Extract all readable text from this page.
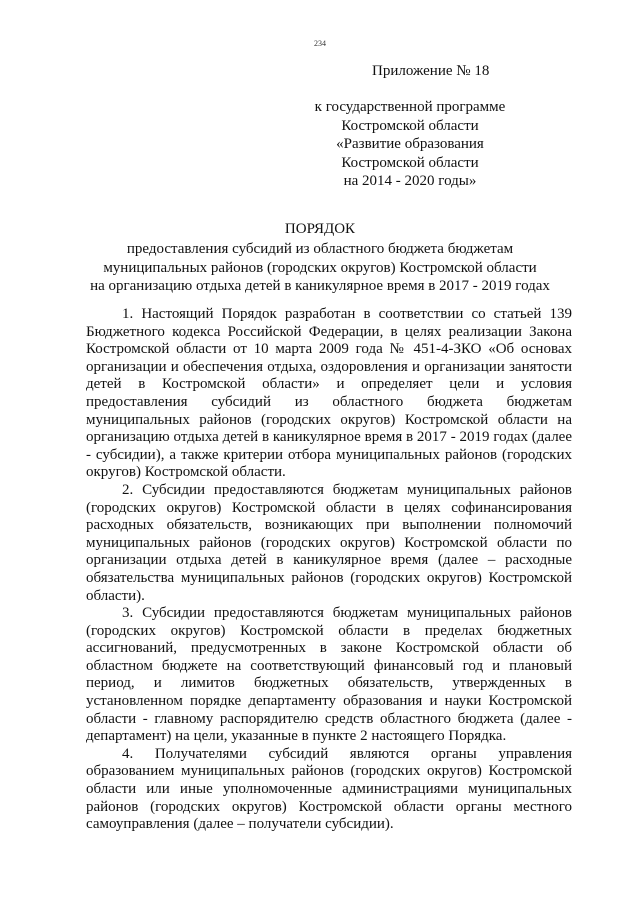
234
Приложение № 18
к государственной программе
Костромской области
«Развитие образования
Костромской области
на 2014 - 2020 годы»
ПОРЯДОК
предоставления субсидий из областного бюджета бюджетам
муниципальных районов (городских округов) Костромской области
на организацию отдыха детей в каникулярное время в 2017 - 2019 годах

1. Настоящий Порядок разработан в соответствии со статьей 139 Бюджетного кодекса Российской Федерации, в целях реализации Закона Костромской области от 10 марта 2009 года № 451-4-ЗКО «Об основах организации и обеспечения отдыха, оздоровления и организации занятости детей в Костромской области» и определяет цели и условия предоставления субсидий из областного бюджета бюджетам муниципальных районов (городских округов) Костромской области на организацию отдыха детей в каникулярное время в 2017 - 2019 годах (далее - субсидии), а также критерии отбора муниципальных районов (городских округов) Костромской области.

2. Субсидии предоставляются бюджетам муниципальных районов (городских округов) Костромской области в целях софинансирования расходных обязательств, возникающих при выполнении полномочий муниципальных районов (городских округов) Костромской области по организации отдыха детей в каникулярное время (далее – расходные обязательства муниципальных районов (городских округов) Костромской области).

3. Субсидии предоставляются бюджетам муниципальных районов (городских округов) Костромской области в пределах бюджетных ассигнований, предусмотренных в законе Костромской области об областном бюджете на соответствующий финансовый год и плановый период, и лимитов бюджетных обязательств, утвержденных в установленном порядке департаменту образования и науки Костромской области - главному распорядителю средств областного бюджета (далее - департамент) на цели, указанные в пункте 2 настоящего Порядка.

4. Получателями субсидий являются органы управления образованием муниципальных районов (городских округов) Костромской области или иные уполномоченные администрациями муниципальных районов (городских округов) Костромской области органы местного самоуправления (далее – получатели субсидии).
